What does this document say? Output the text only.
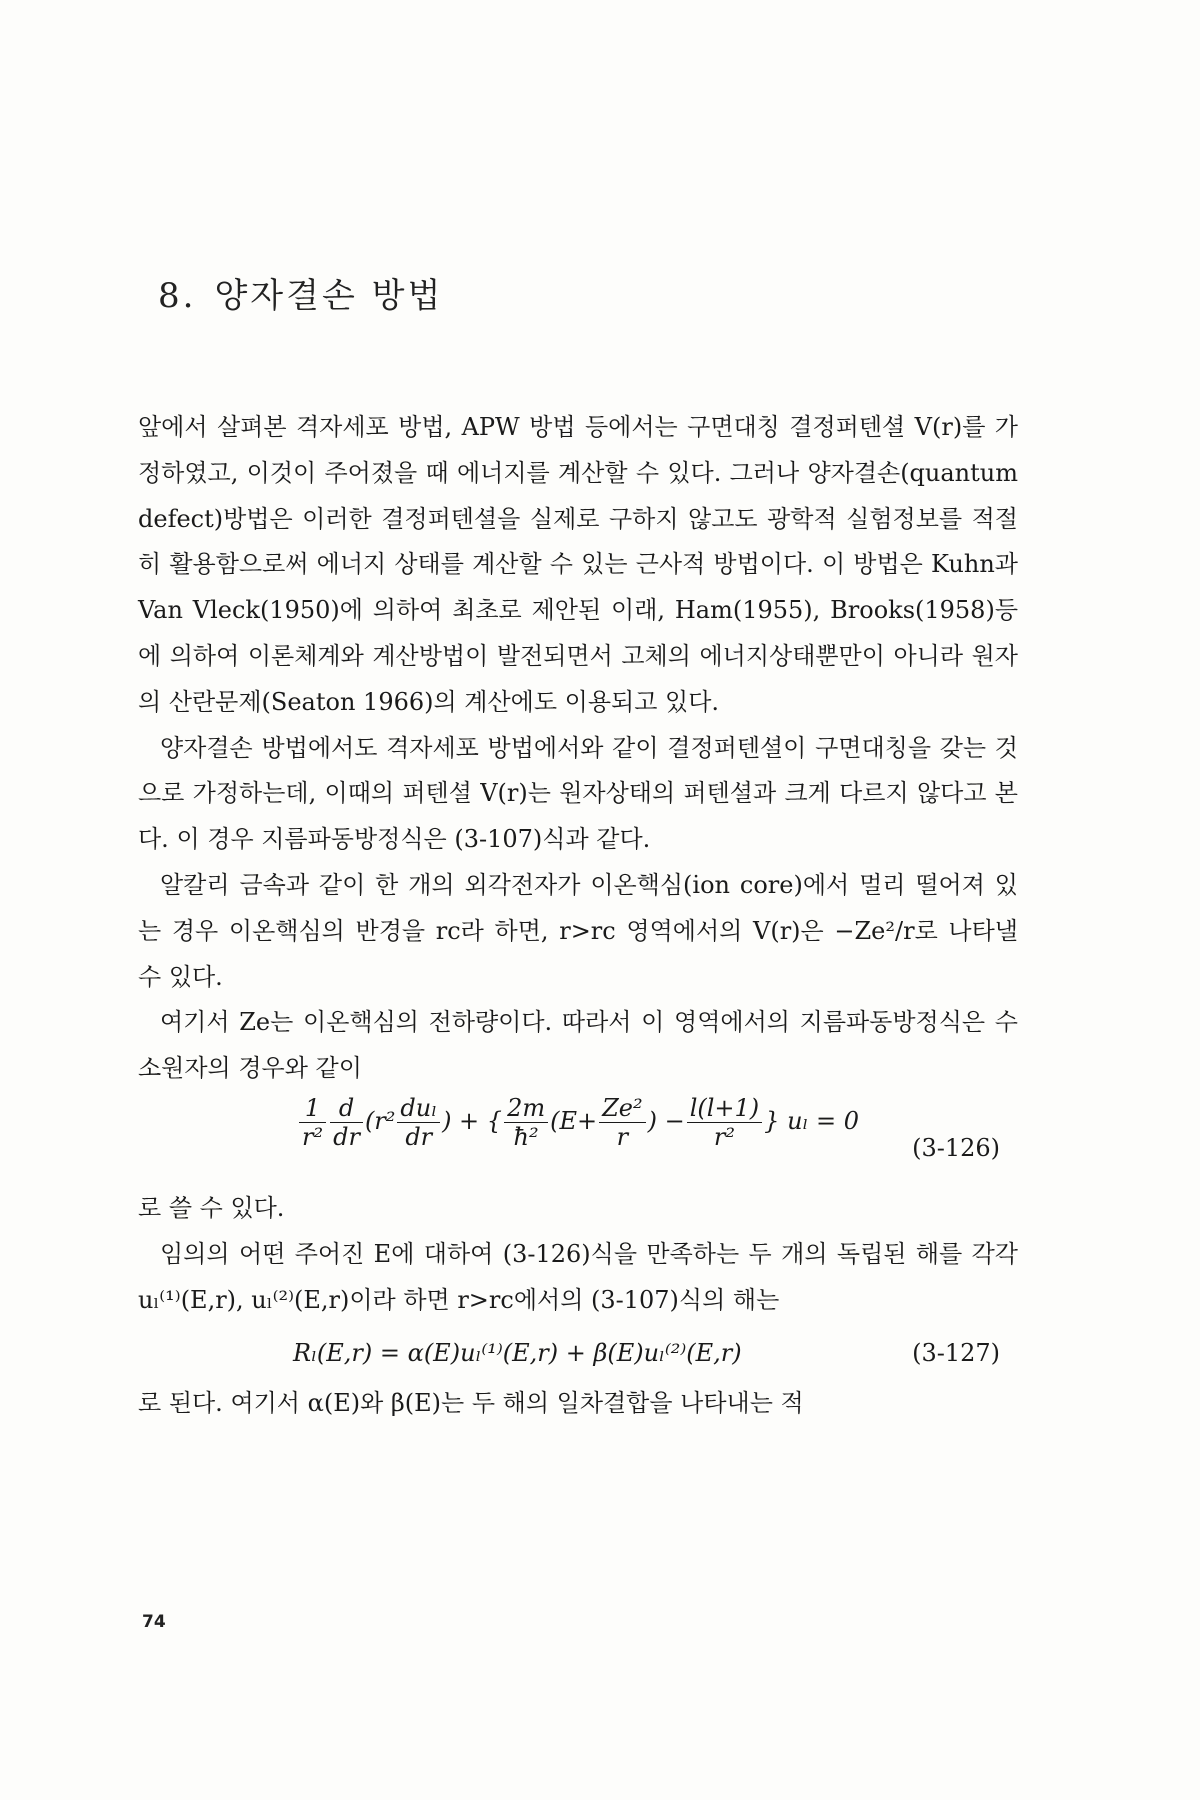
8. 양자결손 방법

앞에서 살펴본 격자세포 방법, APW 방법 등에서는 구면대칭 결정퍼텐셜 V(r)를 가정하였고, 이것이 주어졌을 때 에너지를 계산할 수 있다. 그러나 양자결손(quantum defect)방법은 이러한 결정퍼텐셜을 실제로 구하지 않고도 광학적 실험정보를 적절히 활용함으로써 에너지 상태를 계산할 수 있는 근사적 방법이다. 이 방법은 Kuhn과 Van Vleck(1950)에 의하여 최초로 제안된 이래, Ham(1955), Brooks(1958)등에 의하여 이론체계와 계산방법이 발전되면서 고체의 에너지상태뿐만이 아니라 원자의 산란문제(Seaton 1966)의 계산에도 이용되고 있다.

양자결손 방법에서도 격자세포 방법에서와 같이 결정퍼텐셜이 구면대칭을 갖는 것으로 가정하는데, 이때의 퍼텐셜 V(r)는 원자상태의 퍼텐셜과 크게 다르지 않다고 본다. 이 경우 지름파동방정식은 (3-107)식과 같다.

알칼리 금속과 같이 한 개의 외각전자가 이온핵심(ion core)에서 멀리 떨어져 있는 경우 이온핵심의 반경을 rc라 하면, r>rc 영역에서의 V(r)은 −Ze²/r로 나타낼 수 있다.

여기서 Ze는 이온핵심의 전하량이다. 따라서 이 영역에서의 지름파동방정식은 수소원자의 경우와 같이

$\frac{1}{\text{r²}} \frac{d}{dr} (r^2 \frac{\text{duₗ}}{dr}$ ) + { $\frac{2m}{\text{ħ²}} (E+ \frac{\text{Ze²}}{r}$ ) − $\frac{l(l+1)}{\text{r²}}$ } uₗ = 0
(3-126)

로 쓸 수 있다.

임의의 어떤 주어진 E에 대하여 (3-126)식을 만족하는 두 개의 독립된 해를 각각 uₗ⁽¹⁾(E,r), uₗ⁽²⁾(E,r)이라 하면 r>rc에서의 (3-107)식의 해는

Rₗ(E,r) = α(E)uₗ⁽¹⁾(E,r) + β(E)uₗ⁽²⁾(E,r)	(3-127)

로 된다. 여기서 α(E)와 β(E)는 두 해의 일차결합을 나타내는 적

74
